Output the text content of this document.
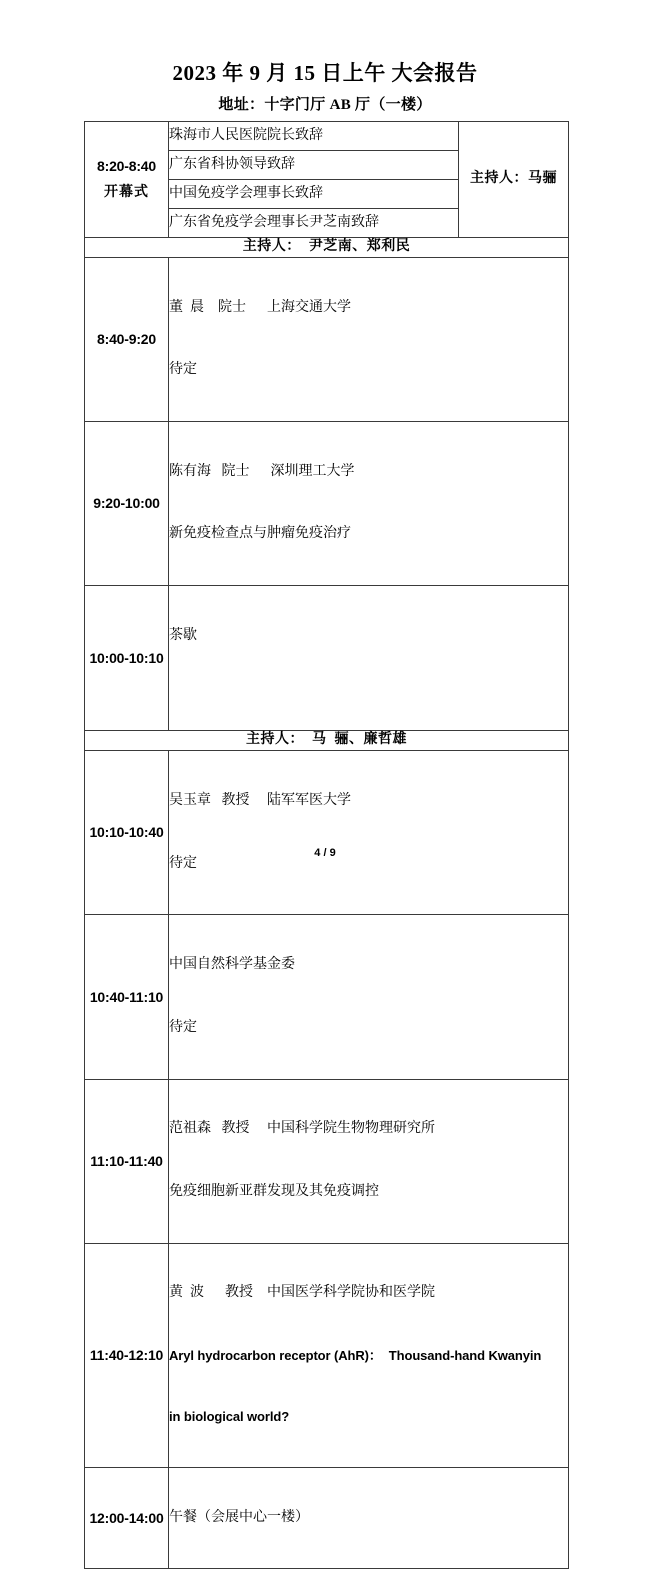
2023 年 9 月 15 日上午 大会报告
地址：十字门厅 AB 厅（一楼）
8:20-8:40
开幕式	珠海市人民医院院长致辞	主持人：马骊
	广东省科协领导致辞	
	中国免疫学会理事长致辞	
	广东省免疫学会理事长尹芝南致辞	
主持人：  尹芝南、郑利民		
8:40-9:20	董  晨    院士      上海交通大学

待定	

9:20-10:00	陈有海   院士      深圳理工大学

新免疫检查点与肿瘤免疫治疗	

10:00-10:10	茶歇	

主持人：  马  骊、廉哲雄		
10:10-10:40	吴玉章   教授     陆军军医大学

待定	

10:40-11:10	中国自然科学基金委

待定	

11:10-11:40	范祖森   教授     中国科学院生物物理研究所

免疫细胞新亚群发现及其免疫调控	

11:40-12:10	黄  波      教授    中国医学科学院协和医学院

Aryl hydrocarbon receptor (AhR)：  Thousand-hand Kwanyin

in biological world?	

12:00-14:00	午餐（会展中心一楼）	

4 / 9
